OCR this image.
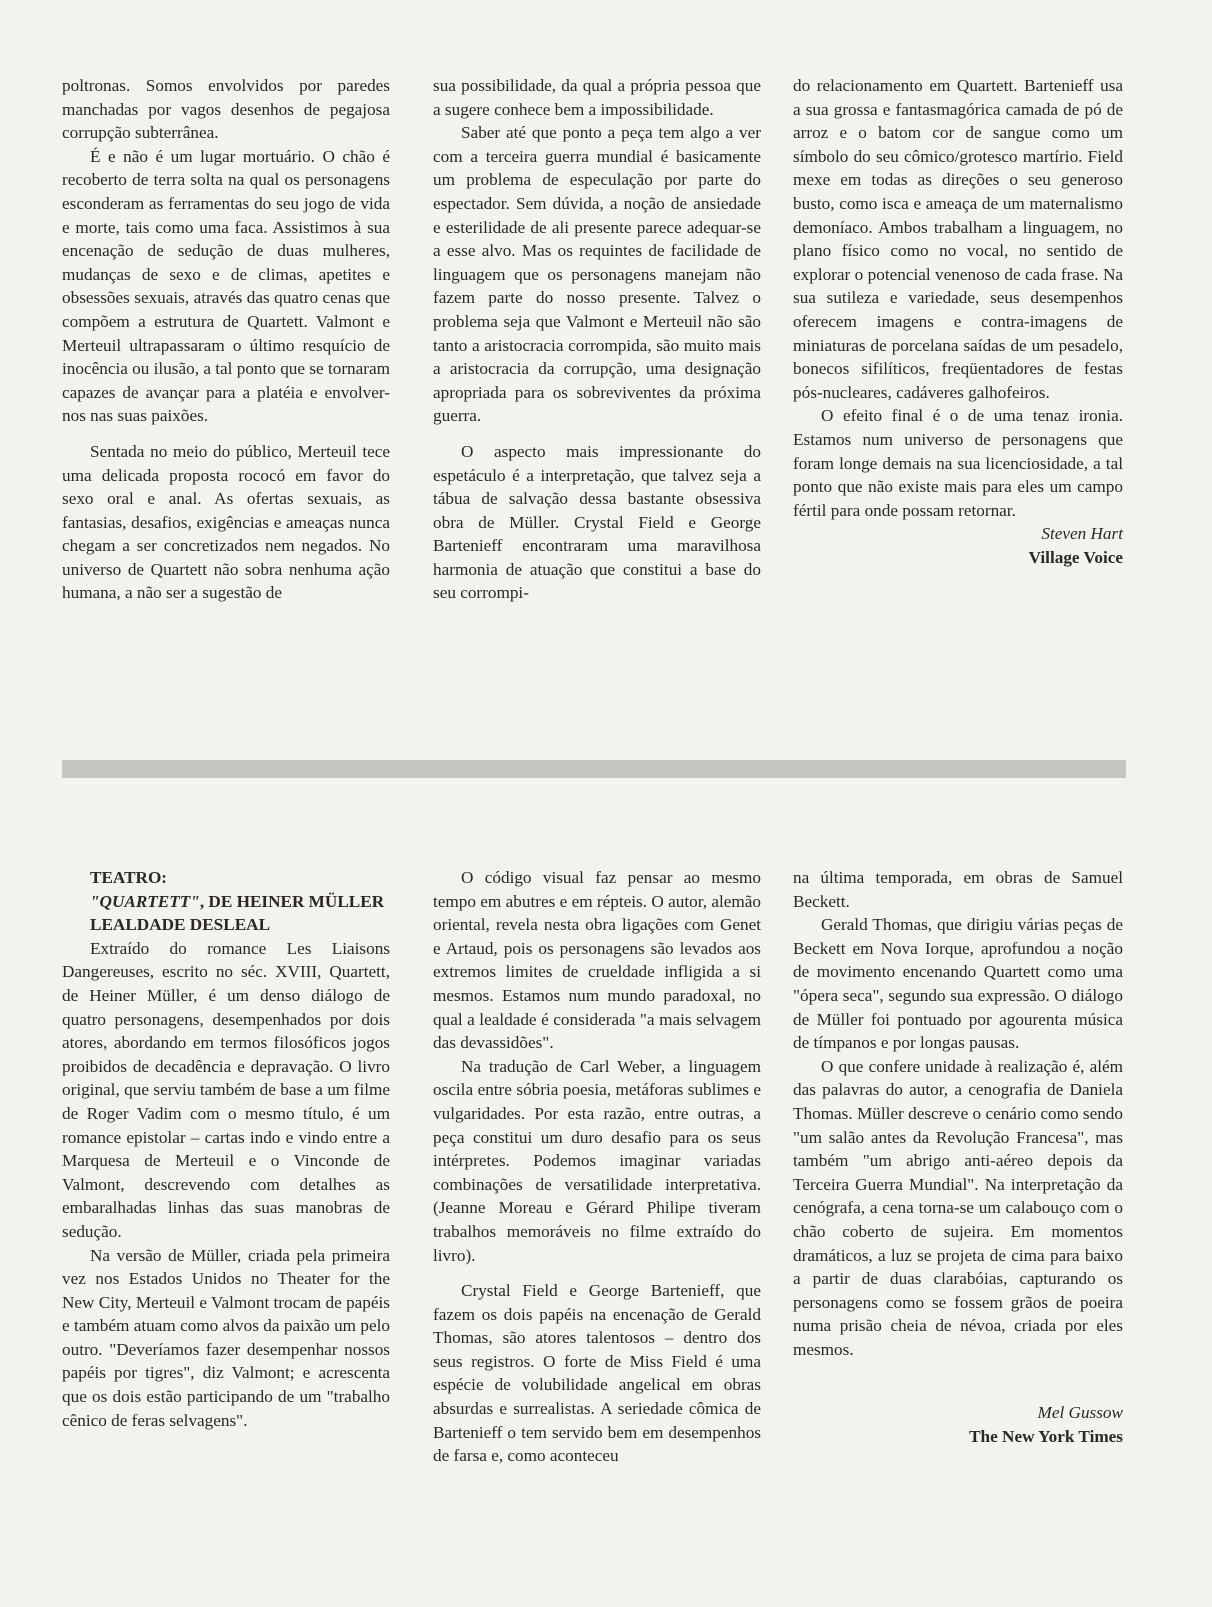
poltronas. Somos envolvidos por paredes manchadas por vagos desenhos de pegajosa corrupção subterrânea.

É e não é um lugar mortuário. O chão é recoberto de terra solta na qual os personagens esconderam as ferramentas do seu jogo de vida e morte, tais como uma faca. Assistimos à sua encenação de sedução de duas mulheres, mudanças de sexo e de climas, apetites e obsessões sexuais, através das quatro cenas que compõem a estrutura de Quartett. Valmont e Merteuil ultrapassaram o último resquício de inocência ou ilusão, a tal ponto que se tornaram capazes de avançar para a platéia e envolver-nos nas suas paixões.

Sentada no meio do público, Merteuil tece uma delicada proposta rococó em favor do sexo oral e anal. As ofertas sexuais, as fantasias, desafios, exigências e ameaças nunca chegam a ser concretizados nem negados. No universo de Quartett não sobra nenhuma ação humana, a não ser a sugestão de

sua possibilidade, da qual a própria pessoa que a sugere conhece bem a impossibilidade.

Saber até que ponto a peça tem algo a ver com a terceira guerra mundial é basicamente um problema de especulação por parte do espectador. Sem dúvida, a noção de ansiedade e esterilidade de ali presente parece adequar-se a esse alvo. Mas os requintes de facilidade de linguagem que os personagens manejam não fazem parte do nosso presente. Talvez o problema seja que Valmont e Merteuil não são tanto a aristocracia corrompida, são muito mais a aristocracia da corrupção, uma designação apropriada para os sobreviventes da próxima guerra.

O aspecto mais impressionante do espetáculo é a interpretação, que talvez seja a tábua de salvação dessa bastante obsessiva obra de Müller. Crystal Field e George Bartenieff encontraram uma maravilhosa harmonia de atuação que constitui a base do seu corrompi-

do relacionamento em Quartett. Bartenieff usa a sua grossa e fantasmagórica camada de pó de arroz e o batom cor de sangue como um símbolo do seu cômico/grotesco martírio. Field mexe em todas as direções o seu generoso busto, como isca e ameaça de um maternalismo demoníaco. Ambos trabalham a linguagem, no plano físico como no vocal, no sentido de explorar o potencial venenoso de cada frase. Na sua sutileza e variedade, seus desempenhos oferecem imagens e contra-imagens de miniaturas de porcelana saídas de um pesadelo, bonecos sifilíticos, freqüentadores de festas pós-nucleares, cadáveres galhofeiros.

O efeito final é o de uma tenaz ironia. Estamos num universo de personagens que foram longe demais na sua licenciosidade, a tal ponto que não existe mais para eles um campo fértil para onde possam retornar.

Steven Hart

Village Voice

TEATRO:

"QUARTETT", DE HEINER MÜLLER

LEALDADE DESLEAL

Extraído do romance Les Liaisons Dangereuses, escrito no séc. XVIII, Quartett, de Heiner Müller, é um denso diálogo de quatro personagens, desempenhados por dois atores, abordando em termos filosóficos jogos proibidos de decadência e depravação. O livro original, que serviu também de base a um filme de Roger Vadim com o mesmo título, é um romance epistolar – cartas indo e vindo entre a Marquesa de Merteuil e o Vinconde de Valmont, descrevendo com detalhes as embaralhadas linhas das suas manobras de sedução.

Na versão de Müller, criada pela primeira vez nos Estados Unidos no Theater for the New City, Merteuil e Valmont trocam de papéis e também atuam como alvos da paixão um pelo outro. "Deveríamos fazer desempenhar nossos papéis por tigres", diz Valmont; e acrescenta que os dois estão participando de um "trabalho cênico de feras selvagens".

O código visual faz pensar ao mesmo tempo em abutres e em répteis. O autor, alemão oriental, revela nesta obra ligações com Genet e Artaud, pois os personagens são levados aos extremos limites de crueldade infligida a si mesmos. Estamos num mundo paradoxal, no qual a lealdade é considerada "a mais selvagem das devassidões".

Na tradução de Carl Weber, a linguagem oscila entre sóbria poesia, metáforas sublimes e vulgaridades. Por esta razão, entre outras, a peça constitui um duro desafio para os seus intérpretes. Podemos imaginar variadas combinações de versatilidade interpretativa. (Jeanne Moreau e Gérard Philipe tiveram trabalhos memoráveis no filme extraído do livro).

Crystal Field e George Bartenieff, que fazem os dois papéis na encenação de Gerald Thomas, são atores talentosos – dentro dos seus registros. O forte de Miss Field é uma espécie de volubilidade angelical em obras absurdas e surrealistas. A seriedade cômica de Bartenieff o tem servido bem em desempenhos de farsa e, como aconteceu

na última temporada, em obras de Samuel Beckett.

Gerald Thomas, que dirigiu várias peças de Beckett em Nova Iorque, aprofundou a noção de movimento encenando Quartett como uma "ópera seca", segundo sua expressão. O diálogo de Müller foi pontuado por agourenta música de tímpanos e por longas pausas.

O que confere unidade à realização é, além das palavras do autor, a cenografia de Daniela Thomas. Müller descreve o cenário como sendo "um salão antes da Revolução Francesa", mas também "um abrigo anti-aéreo depois da Terceira Guerra Mundial". Na interpretação da cenógrafa, a cena torna-se um calabouço com o chão coberto de sujeira. Em momentos dramáticos, a luz se projeta de cima para baixo a partir de duas clarabóias, capturando os personagens como se fossem grãos de poeira numa prisão cheia de névoa, criada por eles mesmos.

Mel Gussow

The New York Times
